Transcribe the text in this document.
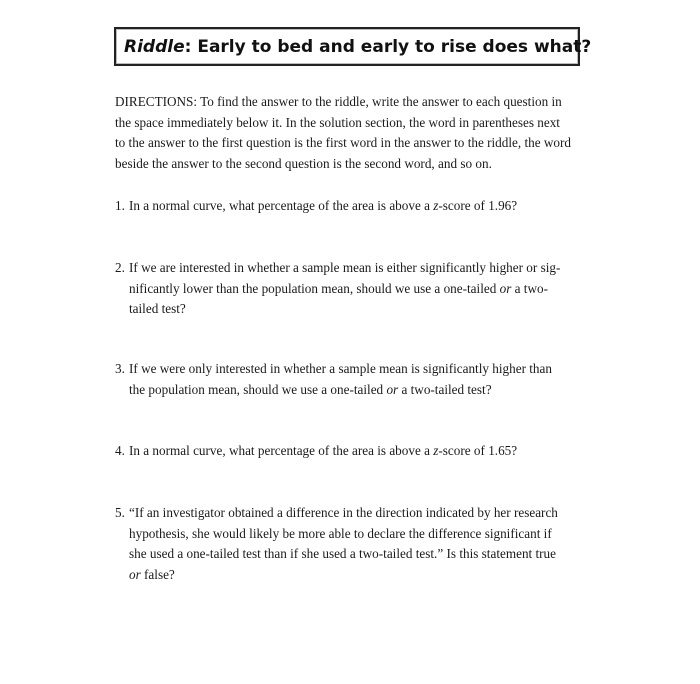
Riddle : Early to bed and early to rise does what?
DIRECTIONS: To find the answer to the riddle, write the answer to each question in
the space immediately below it. In the solution section, the word in parentheses next
to the answer to the first question is the first word in the answer to the riddle, the word
beside the answer to the second question is the second word, and so on.
1. In a normal curve, what percentage of the area is above a z-score of 1.96?
2. If we are interested in whether a sample mean is either significantly higher or sig-
nificantly lower than the population mean, should we use a one-tailed or a two-
tailed test?
3. If we were only interested in whether a sample mean is significantly higher than
the population mean, should we use a one-tailed or a two-tailed test?
4. In a normal curve, what percentage of the area is above a z-score of 1.65?
5. “If an investigator obtained a difference in the direction indicated by her research
hypothesis, she would likely be more able to declare the difference significant if
she used a one-tailed test than if she used a two-tailed test.” Is this statement true
or false?
